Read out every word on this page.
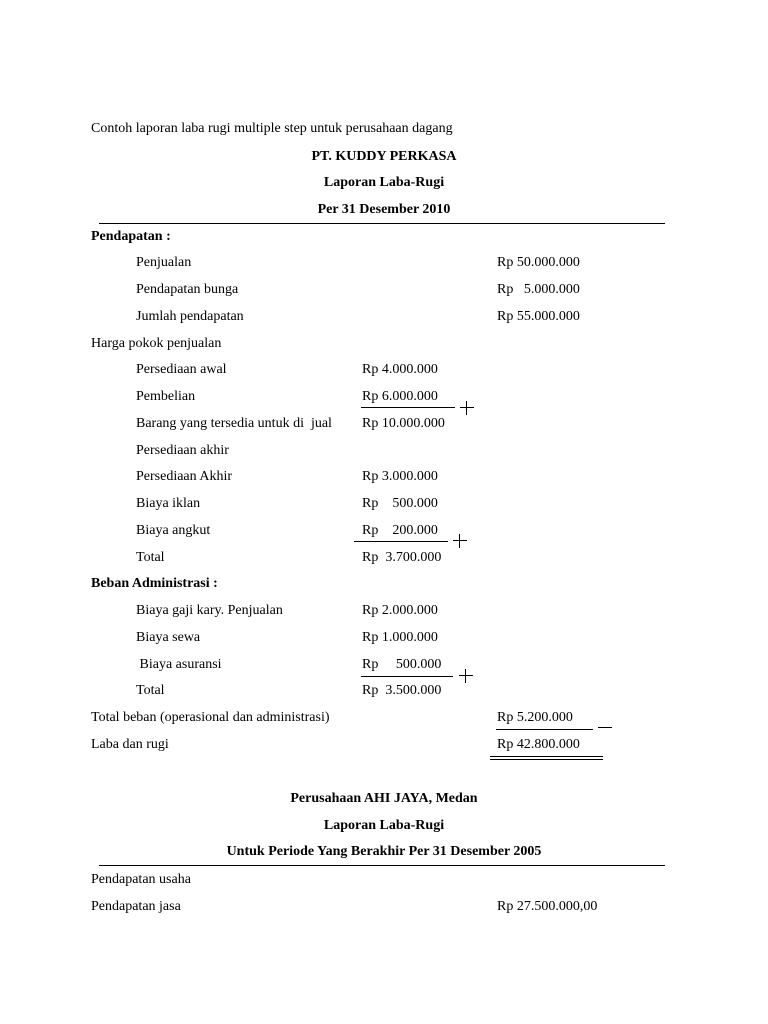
Contoh laporan laba rugi multiple step untuk perusahaan dagang
PT. KUDDY PERKASA
Laporan Laba-Rugi
Per 31 Desember 2010
Pendapatan :
Penjualan	Rp 50.000.000
Pendapatan bunga	Rp   5.000.000
Jumlah pendapatan	Rp 55.000.000
Harga pokok penjualan
Persediaan awal	Rp 4.000.000
Pembelian	Rp 6.000.000
Barang yang tersedia untuk di  jual Rp 10.000.000
Persediaan akhir
Persediaan Akhir	Rp 3.000.000
Biaya iklan	Rp    500.000
Biaya angkut	Rp    200.000
Total	Rp  3.700.000
Beban Administrasi :
Biaya gaji kary. Penjualan	Rp 2.000.000
Biaya sewa	Rp 1.000.000
Biaya asuransi	Rp     500.000
Total	Rp  3.500.000
Total beban (operasional dan administrasi)	Rp 5.200.000
Laba dan rugi	Rp 42.800.000
Perusahaan AHI JAYA, Medan
Laporan Laba-Rugi
Untuk Periode Yang Berakhir Per 31 Desember 2005
Pendapatan usaha
Pendapatan jasa	Rp 27.500.000,00
